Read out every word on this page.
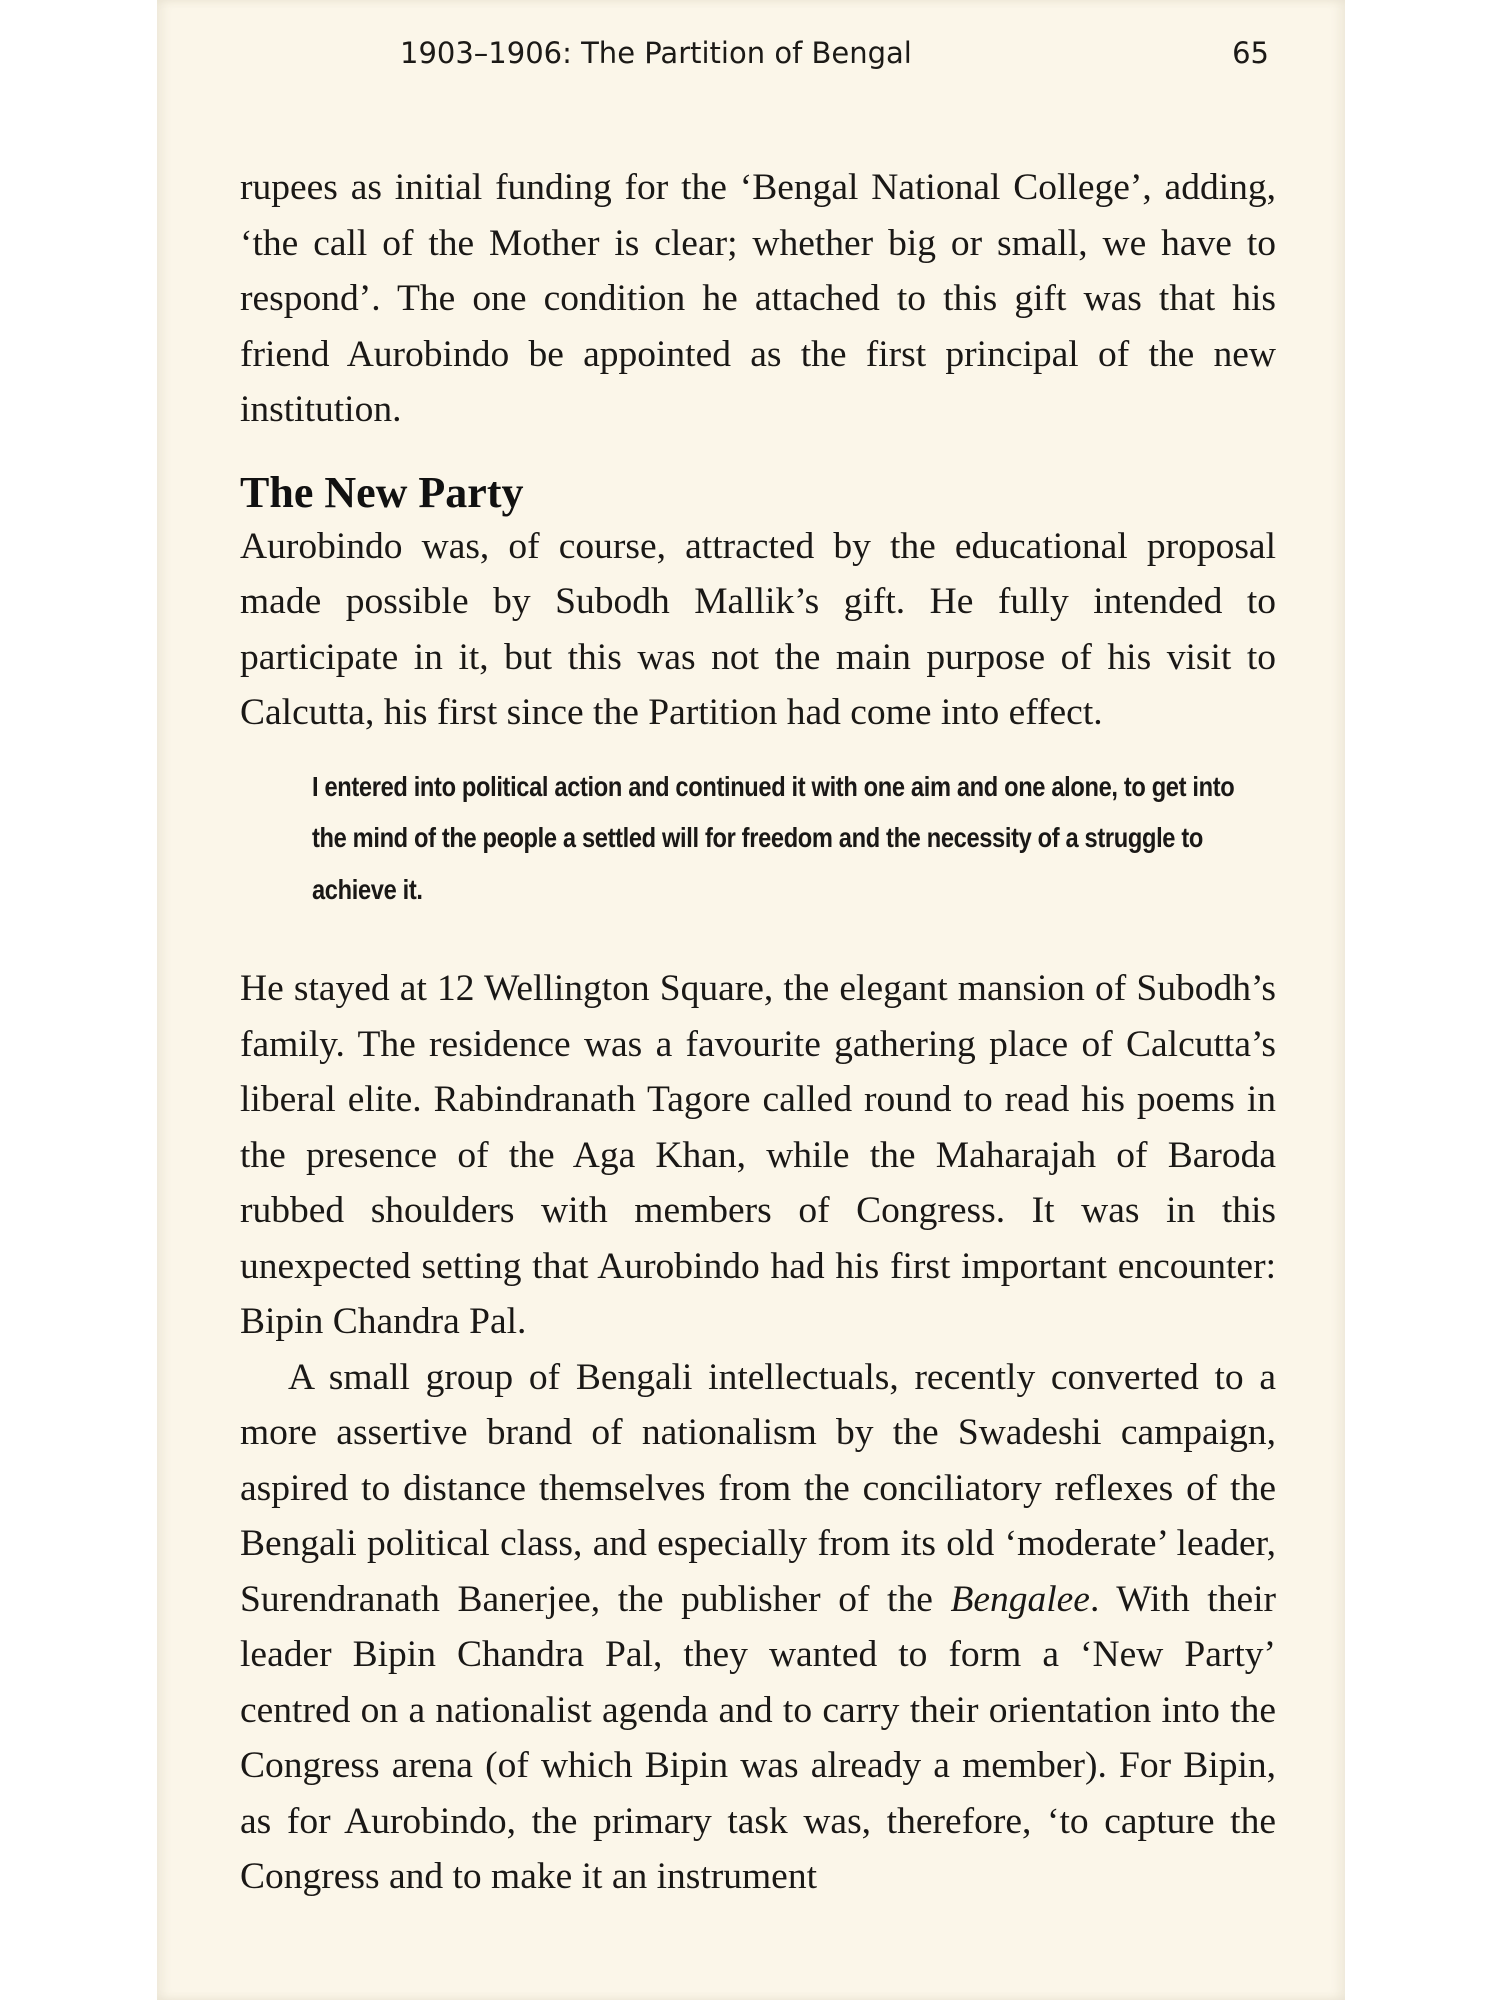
1903–1906: The Partition of Bengal	65

rupees as initial funding for the ‘Bengal National College’, adding, ‘the call of the Mother is clear; whether big or small, we have to respond’. The one condition he attached to this gift was that his friend Aurobindo be appointed as the first principal of the new institution.

The New Party

Aurobindo was, of course, attracted by the educational proposal made possible by Subodh Mallik’s gift. He fully intended to participate in it, but this was not the main purpose of his visit to Calcutta, his first since the Partition had come into effect.

I entered into political action and continued it with one aim and one alone, to get into the mind of the people a settled will for freedom and the necessity of a struggle to achieve it.

He stayed at 12 Wellington Square, the elegant mansion of Subodh’s family. The residence was a favourite gathering place of Calcutta’s liberal elite. Rabindranath Tagore called round to read his poems in the presence of the Aga Khan, while the Maharajah of Baroda rubbed shoulders with members of Congress. It was in this unexpected setting that Aurobindo had his first important encounter: Bipin Chandra Pal.

A small group of Bengali intellectuals, recently converted to a more assertive brand of nationalism by the Swadeshi campaign, aspired to distance themselves from the conciliatory reflexes of the Bengali political class, and especially from its old ‘moderate’ leader, Surendranath Banerjee, the publisher of the Bengalee. With their leader Bipin Chandra Pal, they wanted to form a ‘New Party’ centred on a nationalist agenda and to carry their orientation into the Congress arena (of which Bipin was already a member). For Bipin, as for Aurobindo, the primary task was, therefore, ‘to capture the Congress and to make it an instrument
